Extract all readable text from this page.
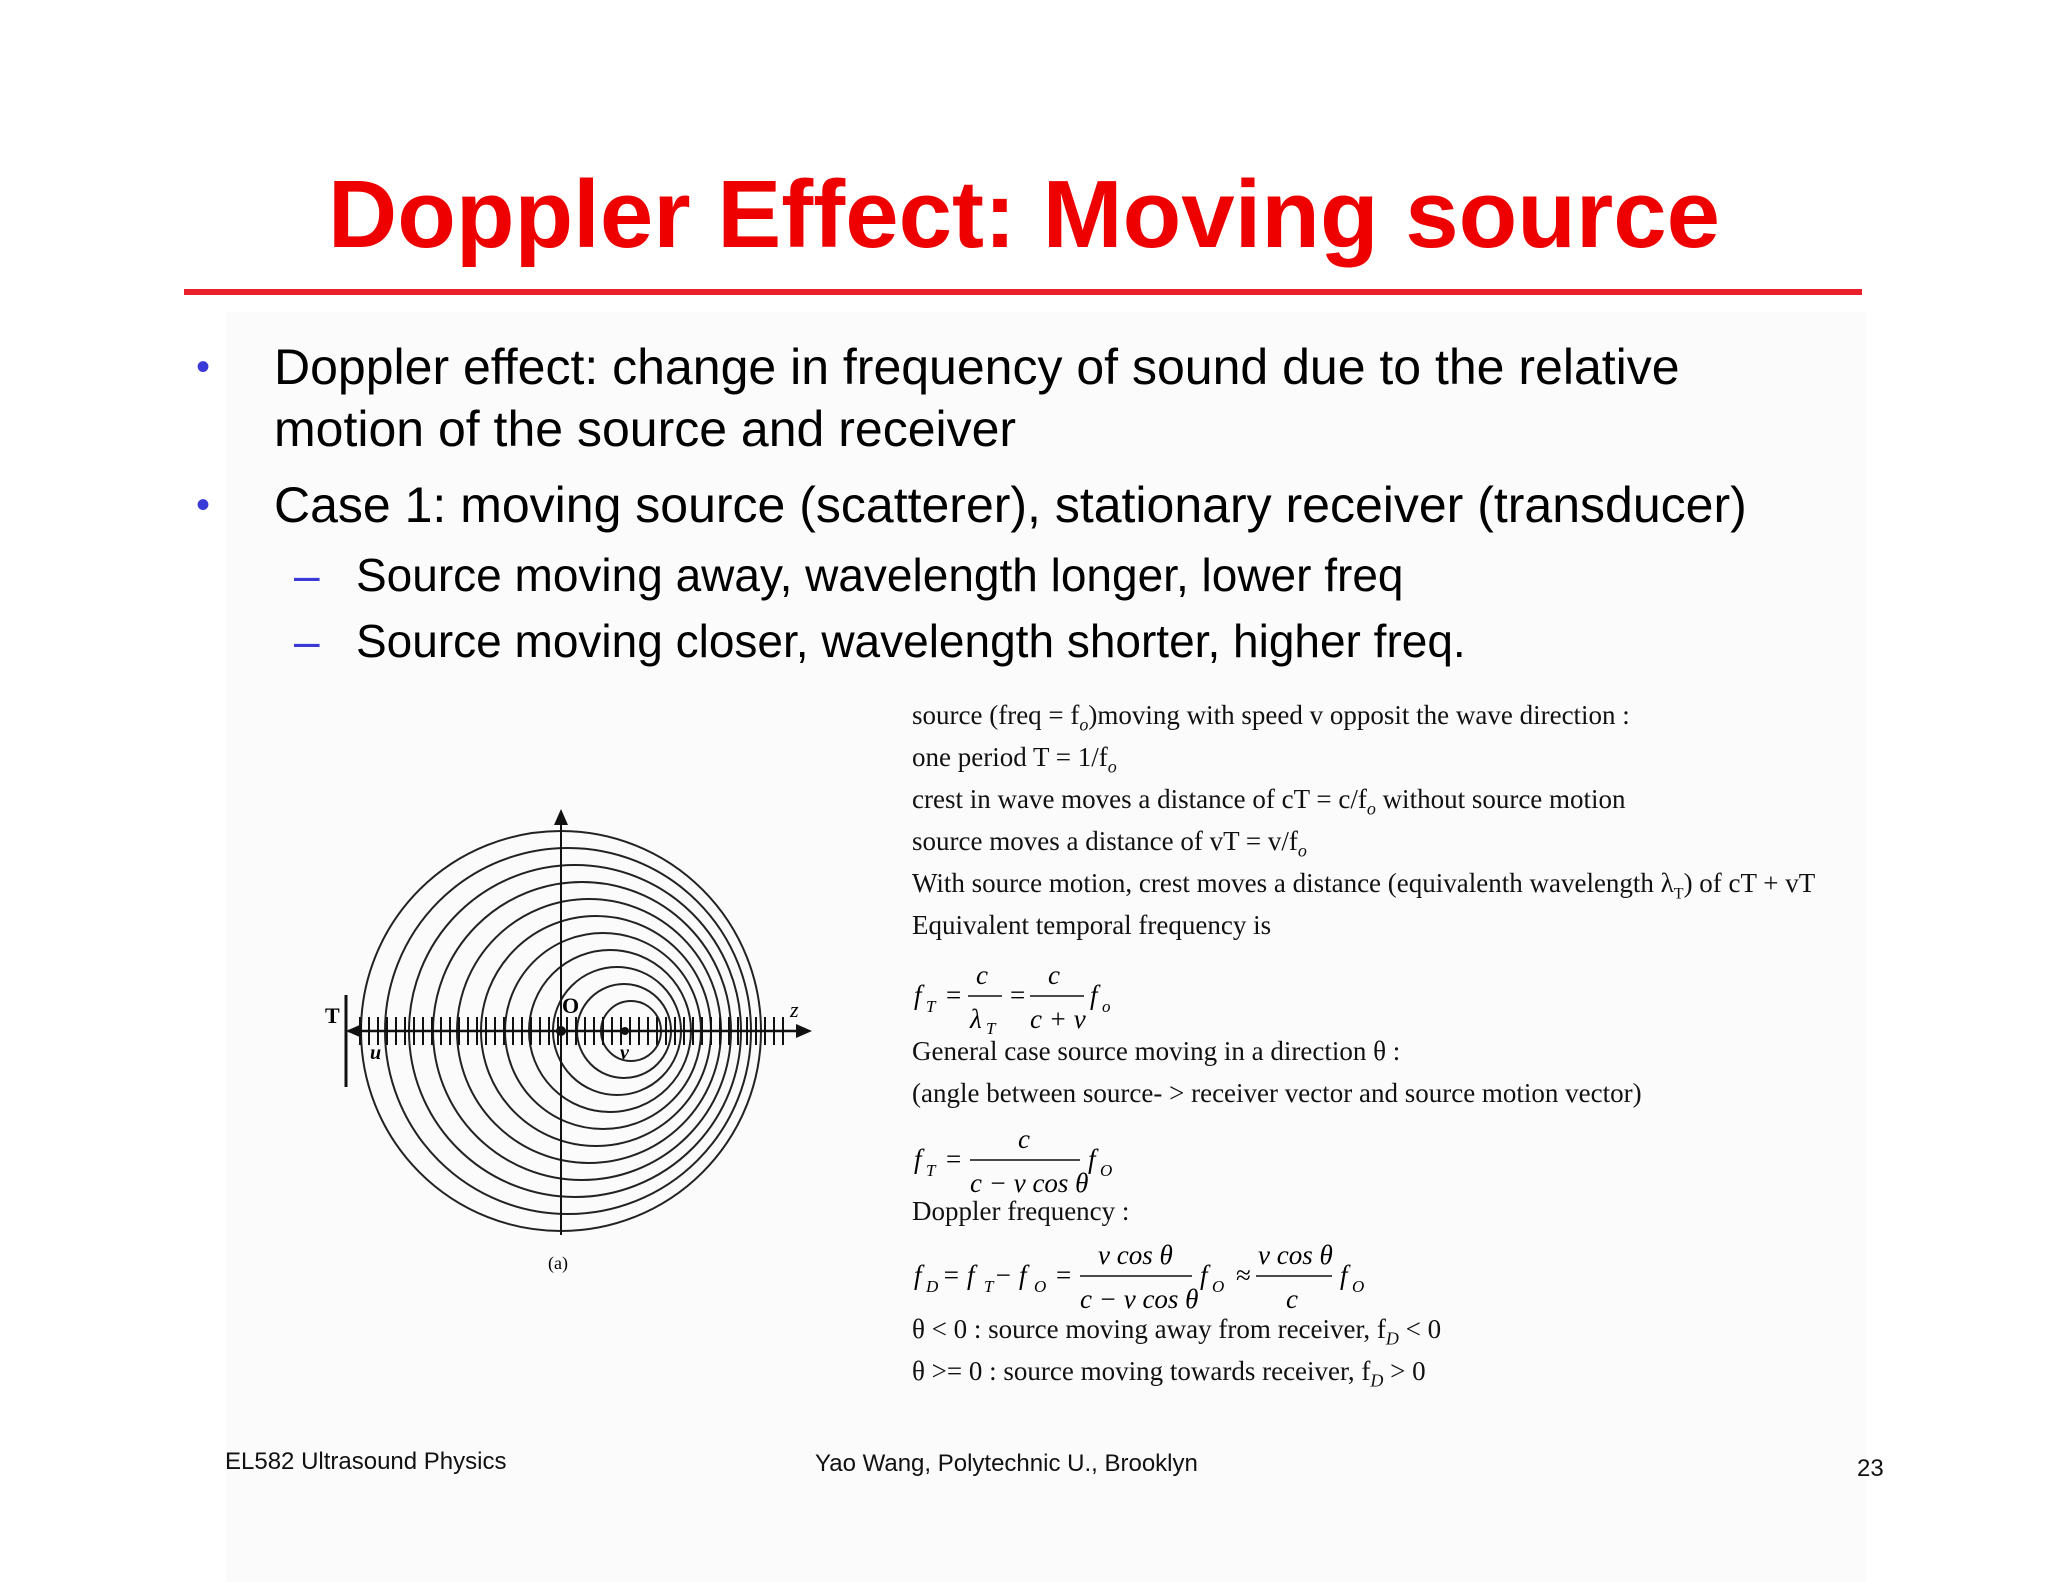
Doppler Effect: Moving source
• Doppler effect: change in frequency of sound due to the relative
motion of the source and receiver
• Case 1: moving source (scatterer), stationary receiver (transducer)
– Source moving away, wavelength longer, lower freq
– Source moving closer, wavelength shorter, higher freq.
T	O	z
u	v
(a)
source (freq = $f_o)moving$ with speed v opposit the wave direction :
one period $T = 1/f_o$
crest in wave moves a distance of cT = $c/f_o$ without source motion
source moves a distance of vT = $v/f_o$
With source motion, crest moves a distance (equivalenth wavelength $\lambda_T$) of cT + vT
Equivalent temporal frequency is
f T =
c
λ T
=
c
c + v
f o
General case source moving in a direction θ :
(angle between source- > receiver vector and source motion vector)
f T =
c
c − v cos θ
f O
Doppler frequency :
f D = f T − f O =
v cos θ
c − v cos θ
f O ≈
v cos θ
c
f O
θ < 0 : source moving away from receiver, $f_D < 0$
θ >= 0 : source moving towards receiver, $f_D > 0$
EL582 Ultrasound Physics	Yao Wang, Polytechnic U., Brooklyn	23
